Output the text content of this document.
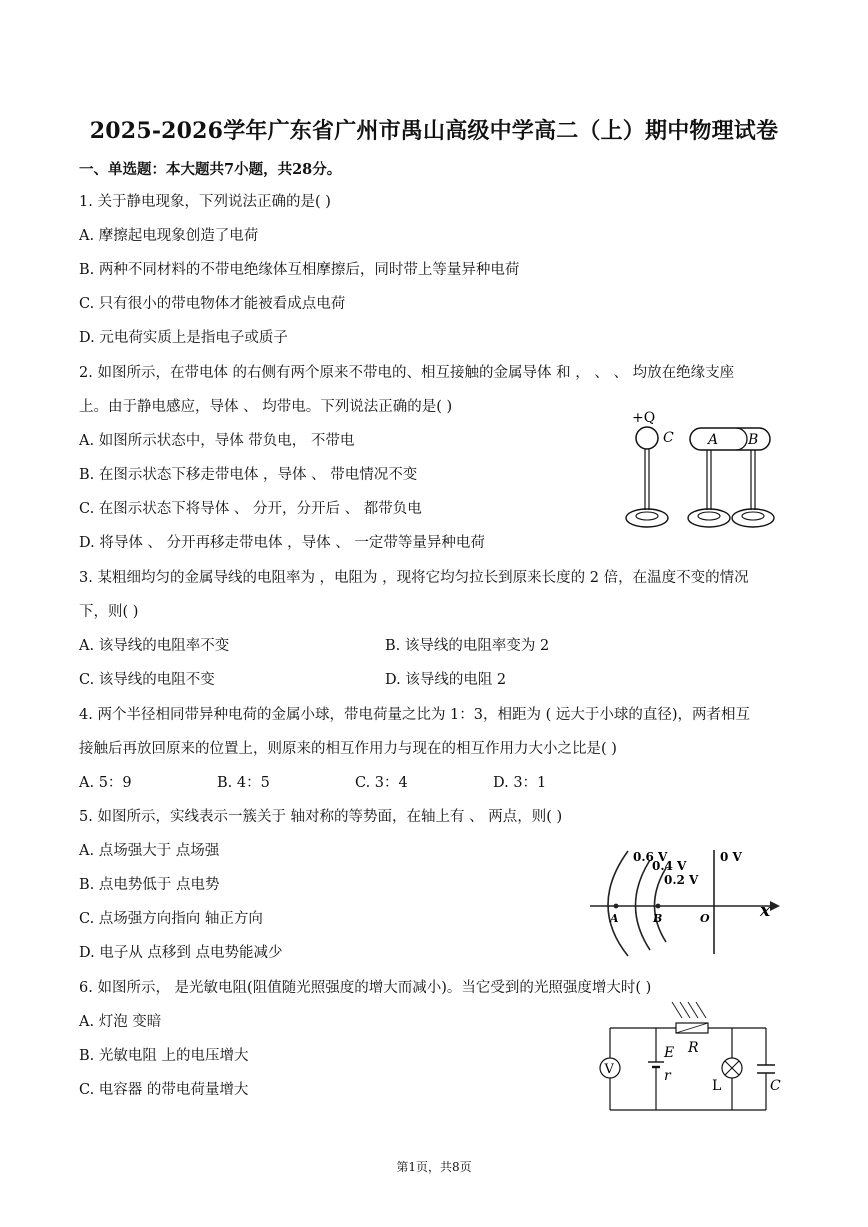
2025-2026学年广东省广州市禺山高级中学高二（上）期中物理试卷
一、单选题：本大题共7小题，共28分。
1. 关于静电现象，下列说法正确的是( )
A. 摩擦起电现象创造了电荷
B. 两种不同材料的不带电绝缘体互相摩擦后，同时带上等量异种电荷
C. 只有很小的带电物体才能被看成点电荷
D. 元电荷实质上是指电子或质子
2. 如图所示，在带电体 的右侧有两个原来不带电的、相互接触的金属导体 和 ， 、 、 均放在绝缘支座
上。由于静电感应，导体 、 均带电。下列说法正确的是( )
A. 如图所示状态中，导体 带负电， 不带电
B. 在图示状态下移走带电体 ，导体 、 带电情况不变
C. 在图示状态下将导体 、 分开，分开后 、 都带负电
D. 将导体 、 分开再移走带电体 ，导体 、 一定带等量异种电荷
+Q
C A B
3. 某粗细均匀的金属导线的电阻率为 ，电阻为 ，现将它均匀拉长到原来长度的 2 倍，在温度不变的情况
下，则( )
A. 该导线的电阻率不变	B. 该导线的电阻率变为 2
C. 该导线的电阻不变	D. 该导线的电阻 2
4. 两个半径相同带异种电荷的金属小球，带电荷量之比为 1：3，相距为 ( 远大于小球的直径)，两者相互
接触后再放回原来的位置上，则原来的相互作用力与现在的相互作用力大小之比是( )
A. 5：9	B. 4：5	C. 3：4	D. 3：1
5. 如图所示，实线表示一簇关于 轴对称的等势面，在轴上有 、 两点，则( )
A. 点场强大于 点场强
B. 点电势低于 点电势
C. 点场强方向指向 轴正方向
D. 电子从 点移到 点电势能减少
0.6 V
0.4 V
0.2 V
0 V
A	B	O	x
6. 如图所示， 是光敏电阻(阻值随光照强度的增大而减小)。当它受到的光照强度增大时( )
A. 灯泡 变暗
B. 光敏电阻 上的电压增大
C. 电容器 的带电荷量增大
V
E
r
R
L	C
第1页，共8页
